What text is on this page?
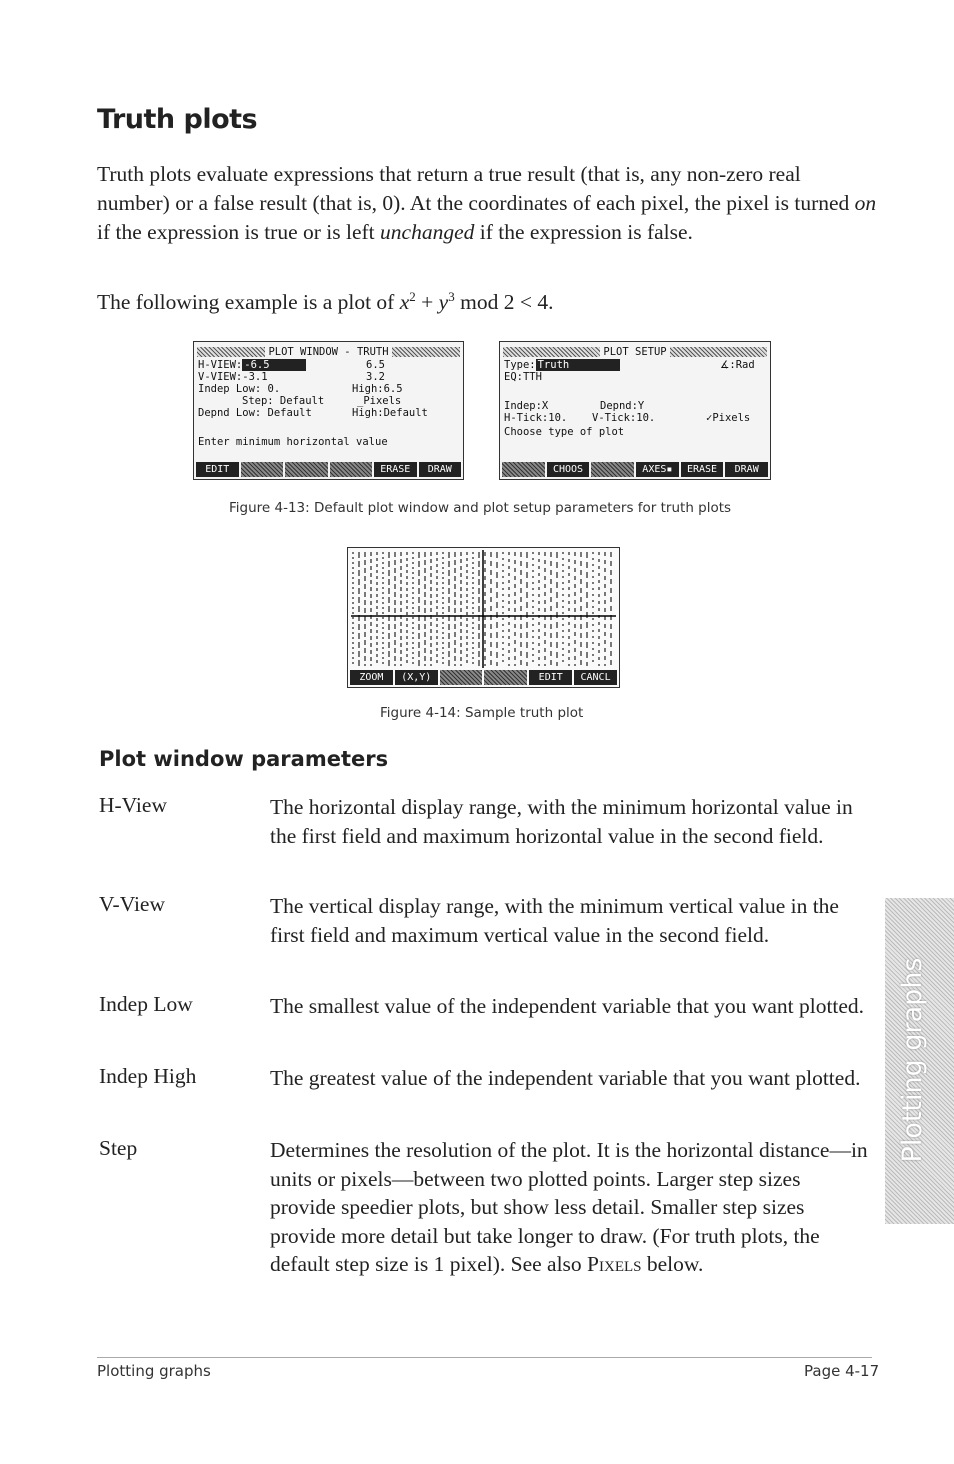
Truth plots
Truth plots evaluate expressions that return a true result (that is, any non-zero real number) or a false result (that is, 0). At the coordinates of each pixel, the pixel is turned on if the expression is true or is left unchanged if the expression is false.
The following example is a plot of $x^2 + y^3$ mod 2 < 4.
PLOT WINDOW - TRUTH
H-VIEW: -6.5	6.5
V-VIEW:-3.1	3.2
Indep Low: 0.	High:6.5
Step: Default	_Pixels
Depnd Low: Default	High:Default
Enter minimum horizontal value
EDIT	ERASE	DRAW
PLOT SETUP
Type: Truth	∡:Rad
EQ:TTH
Indep:X	Depnd:Y
H-Tick:10. V-Tick:10.	✓Pixels
Choose type of plot
CHOOS	AXES▪	ERASE	DRAW
Figure 4-13: Default plot window and plot setup parameters for truth plots
ZOOM	(X,Y)	EDIT	CANCL
Figure 4-14: Sample truth plot
Plot window parameters
H-View	The horizontal display range, with the minimum horizontal value in the first field and maximum horizontal value in the second field.
V-View	The vertical display range, with the minimum vertical value in the first field and maximum vertical value in the second field.
Indep Low	The smallest value of the independent variable that you want plotted.
Indep High	The greatest value of the independent variable that you want plotted.
Step	Determines the resolution of the plot. It is the horizontal distance—in units or pixels—between two plotted points. Larger step sizes provide speedier plots, but show less detail. Smaller step sizes provide more detail but take longer to draw. (For truth plots, the default step size is 1 pixel). See also Pixels below.
Plotting graphs
Plotting graphs	Page 4-17
